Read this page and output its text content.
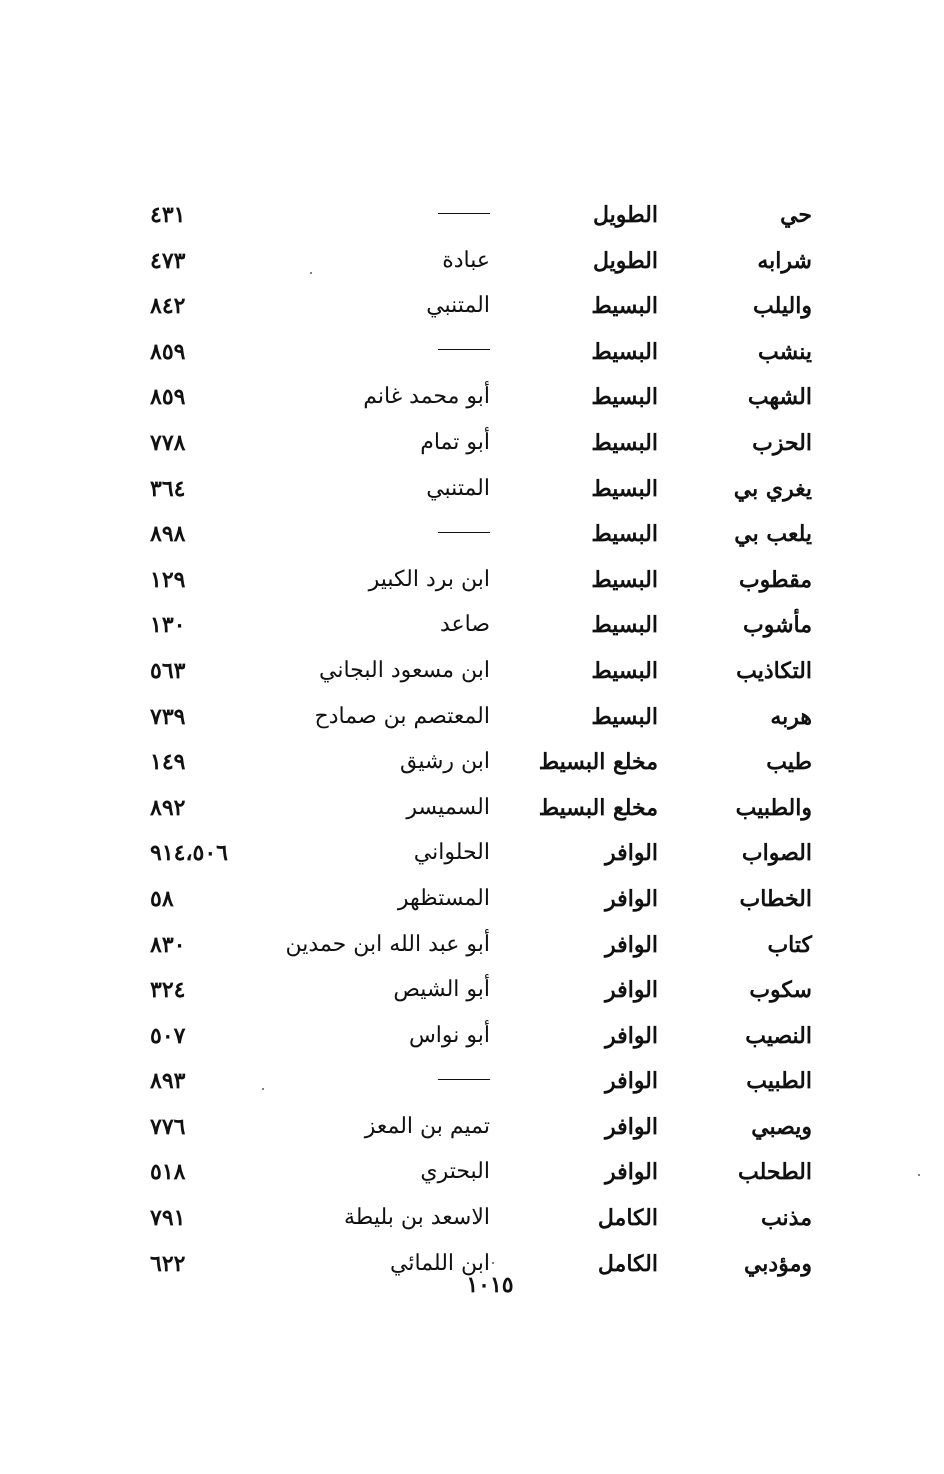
حي
الطويل
٤٣١
شرابه
الطويل
عبادة
٤٧٣
واليلب
البسيط
المتنبي
٨٤٢
ينشب
البسيط
٨٥٩
الشهب
البسيط
أبو محمد غانم
٨٥٩
الحزب
البسيط
أبو تمام
٧٧٨
يغري بي
البسيط
المتنبي
٣٦٤
يلعب بي
البسيط
٨٩٨
مقطوب
البسيط
ابن برد الكبير
١٢٩
مأشوب
البسيط
صاعد
١٣٠
التكاذيب
البسيط
ابن مسعود البجاني
٥٦٣
هربه
البسيط
المعتصم بن صمادح
٧٣٩
طيب
مخلع البسيط
ابن رشيق
١٤٩
والطبيب
مخلع البسيط
السميسر
٨٩٢
الصواب
الوافر
الحلواني
٩١٤،٥٠٦
الخطاب
الوافر
المستظهر
٥٨
كتاب
الوافر
أبو عبد الله ابن حمدين
٨٣٠
سكوب
الوافر
أبو الشيص
٣٢٤
النصيب
الوافر
أبو نواس
٥٠٧
الطبيب
الوافر
٨٩٣
ويصبي
الوافر
تميم بن المعز
٧٧٦
الطحلب
الوافر
البحتري
٥١٨
مذنب
الكامل
الاسعد بن بليطة
٧٩١
ومؤدبي
الكامل
ابن اللمائي
٦٢٢
١٠١٥
